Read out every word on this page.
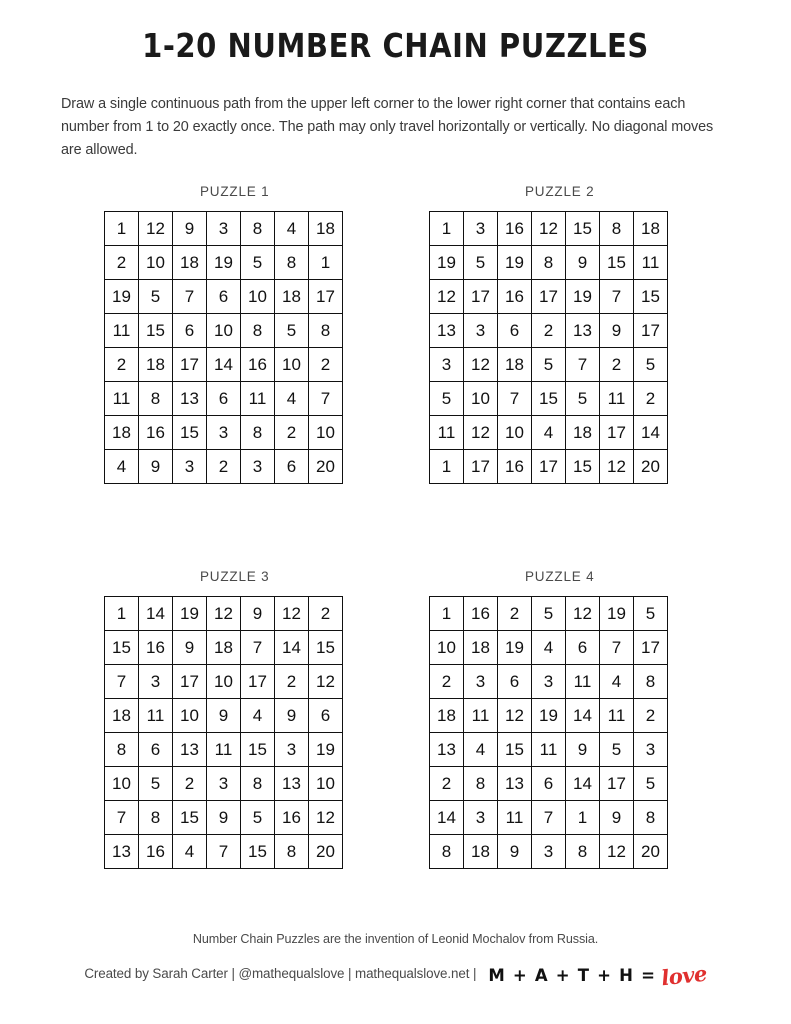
1-20 NUMBER CHAIN PUZZLES
Draw a single continuous path from the upper left corner to the lower right corner that contains each number from 1 to 20 exactly once. The path may only travel horizontally or vertically. No diagonal moves are allowed.
PUZZLE 1
1	12	9	3	8	4	18
2	10	18	19	5	8	1
19	5	7	6	10	18	17
11	15	6	10	8	5	8
2	18	17	14	16	10	2
11	8	13	6	11	4	7
18	16	15	3	8	2	10
4	9	3	2	3	6	20
PUZZLE 2
1	3	16	12	15	8	18
19	5	19	8	9	15	11
12	17	16	17	19	7	15
13	3	6	2	13	9	17
3	12	18	5	7	2	5
5	10	7	15	5	11	2
11	12	10	4	18	17	14
1	17	16	17	15	12	20
PUZZLE 3
1	14	19	12	9	12	2
15	16	9	18	7	14	15
7	3	17	10	17	2	12
18	11	10	9	4	9	6
8	6	13	11	15	3	19
10	5	2	3	8	13	10
7	8	15	9	5	16	12
13	16	4	7	15	8	20
PUZZLE 4
1	16	2	5	12	19	5
10	18	19	4	6	7	17
2	3	6	3	11	4	8
18	11	12	19	14	11	2
13	4	15	11	9	5	3
2	8	13	6	14	17	5
14	3	11	7	1	9	8
8	18	9	3	8	12	20
Number Chain Puzzles are the invention of Leonid Mochalov from Russia.
Created by Sarah Carter | @mathequalslove | mathequalslove.net | M + A + T + H = love
